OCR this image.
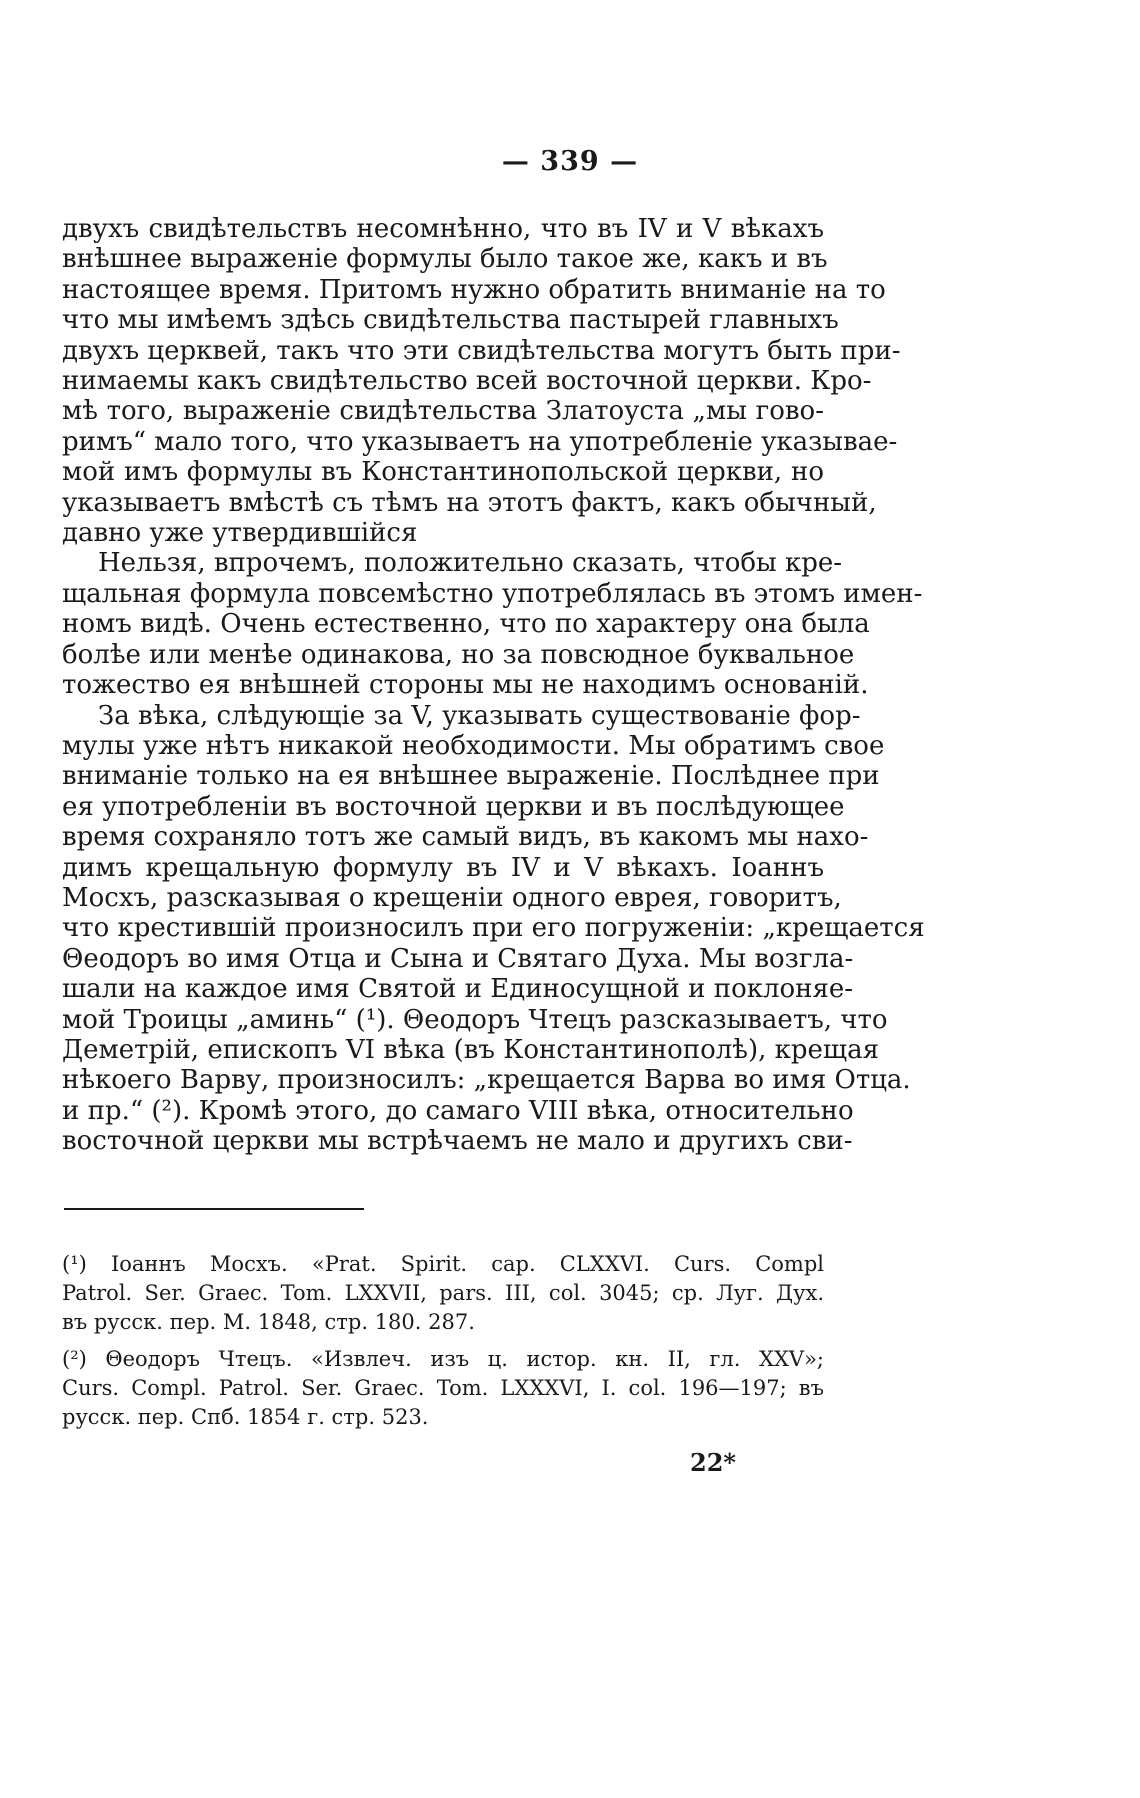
— 339 —
двухъ свидѣтельствъ несомнѣнно, что въ IV и V вѣкахъ
внѣшнее выраженіе формулы было такое же, какъ и въ
настоящее время. Притомъ нужно обратить вниманіе на то
что мы имѣемъ здѣсь свидѣтельства пастырей главныхъ
двухъ церквей, такъ что эти свидѣтельства могутъ быть при-
нимаемы какъ свидѣтельство всей восточной церкви. Кро-
мѣ того, выраженіе свидѣтельства Златоуста „мы гово-
римъ“ мало того, что указываетъ на употребленіе указывае-
мой имъ формулы въ Константинопольской церкви, но
указываетъ вмѣстѣ съ тѣмъ на этотъ фактъ, какъ обычный,
давно уже утвердившійся
Нельзя, впрочемъ, положительно сказать, чтобы кре-
щальная формула повсемѣстно употреблялась въ этомъ имен-
номъ видѣ. Очень естественно, что по характеру она была
болѣе или менѣе одинакова, но за повсюдное буквальное
тожество ея внѣшней стороны мы не находимъ основаній.
За вѣка, слѣдующіе за V, указывать существованіе фор-
мулы уже нѣтъ никакой необходимости. Мы обратимъ свое
вниманіе только на ея внѣшнее выраженіе. Послѣднее при
ея употребленіи въ восточной церкви и въ послѣдующее
время сохраняло тотъ же самый видъ, въ какомъ мы нахо-
димъ крещальную формулу въ IV и V вѣкахъ. Іоаннъ
Мосхъ, разсказывая о крещеніи одного еврея, говоритъ,
что крестившій произносилъ при его погруженіи: „крещается
Θеодоръ во имя Отца и Сына и Святаго Духа. Мы возгла-
шали на каждое имя Святой и Единосущной и поклоняе-
мой Троицы „аминь“ (¹). Θеодоръ Чтецъ разсказываетъ, что
Деметрій, епископъ VI вѣка (въ Константинополѣ), крещая
нѣкоего Варву, произносилъ: „крещается Варва во имя Отца.
и пр.“ (²). Кромѣ этого, до самаго VIII вѣка, относительно
восточной церкви мы встрѣчаемъ не мало и другихъ сви-
(¹) Іоаннъ Мосхъ. «Prat. Spirit. cap. CLXXVI. Curs. Compl
Patrol. Ser. Graec. Tom. LXXVII, pars. III, col. 3045; ср. Луг. Дух.
въ русск. пер. М. 1848, стр. 180. 287.
(²) Θеодоръ Чтецъ. «Извлеч. изъ ц. истор. кн. II, гл. XXV»;
Curs. Compl. Patrol. Ser. Graec. Tom. LXXXVI, I. col. 196—197; въ
русск. пер. Спб. 1854 г. стр. 523.
22*
